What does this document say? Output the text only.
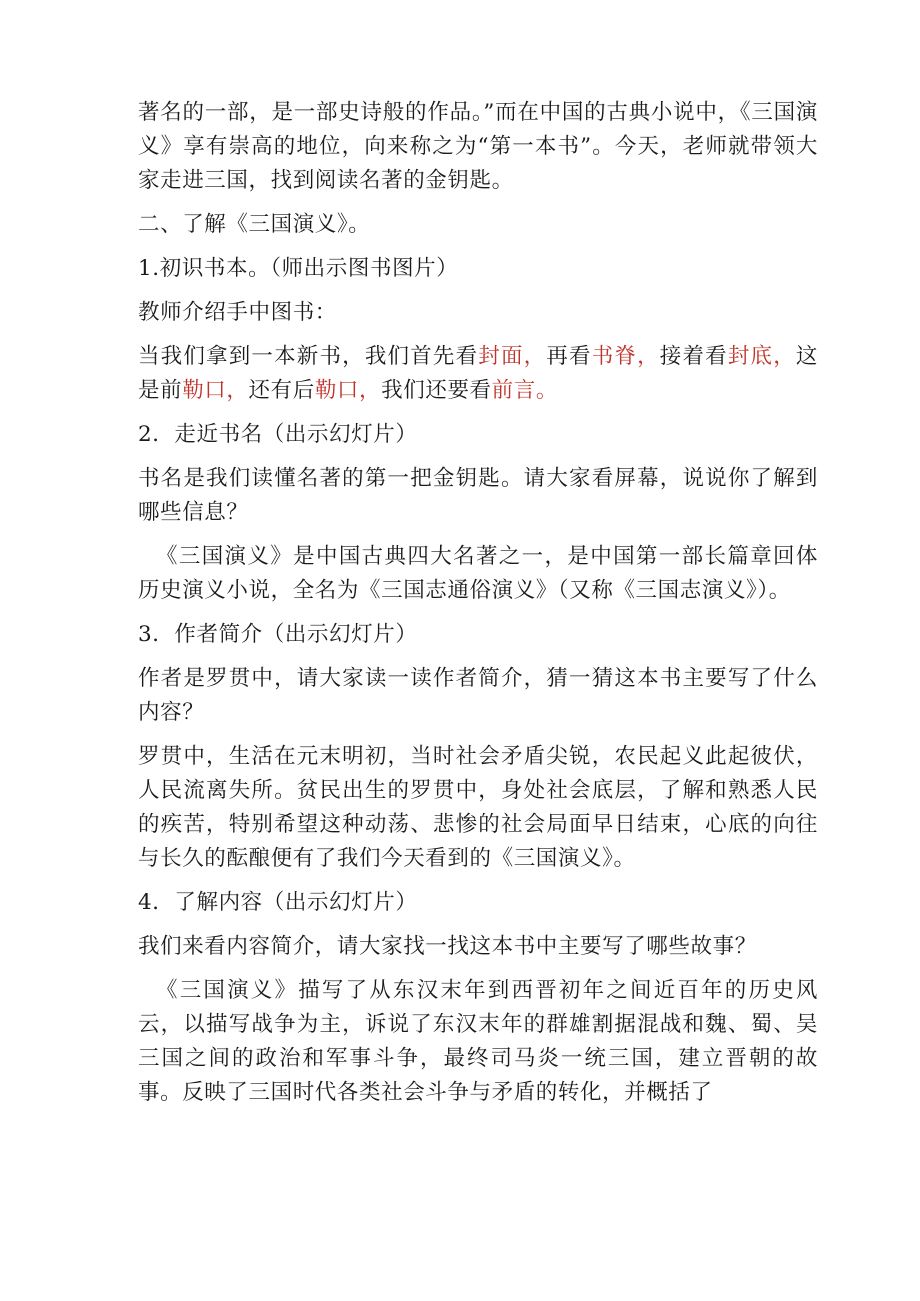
著名的一部，是一部史诗般的作品。”而在中国的古典小说中，《三国演义》享有崇高的地位，向来称之为“第一本书”。今天，老师就带领大家走进三国，找到阅读名著的金钥匙。

二、了解《三国演义》。

1.初识书本。（师出示图书图片）

教师介绍手中图书：

当我们拿到一本新书，我们首先看封面，再看书脊，接着看封底，这是前勒口，还有后勒口，我们还要看前言。

2．走近书名（出示幻灯片）

书名是我们读懂名著的第一把金钥匙。请大家看屏幕，说说你了解到哪些信息？

《三国演义》是中国古典四大名著之一，是中国第一部长篇章回体历史演义小说，全名为《三国志通俗演义》（又称《三国志演义》）。

3．作者简介（出示幻灯片）

作者是罗贯中，请大家读一读作者简介，猜一猜这本书主要写了什么内容？

罗贯中，生活在元末明初，当时社会矛盾尖锐，农民起义此起彼伏，人民流离失所。贫民出生的罗贯中，身处社会底层，了解和熟悉人民的疾苦，特别希望这种动荡、悲惨的社会局面早日结束，心底的向往与长久的酝酿便有了我们今天看到的《三国演义》。

4．了解内容（出示幻灯片）

我们来看内容简介，请大家找一找这本书中主要写了哪些故事？

《三国演义》描写了从东汉末年到西晋初年之间近百年的历史风云，以描写战争为主，诉说了东汉末年的群雄割据混战和魏、蜀、吴三国之间的政治和军事斗争，最终司马炎一统三国，建立晋朝的故事。反映了三国时代各类社会斗争与矛盾的转化，并概括了
